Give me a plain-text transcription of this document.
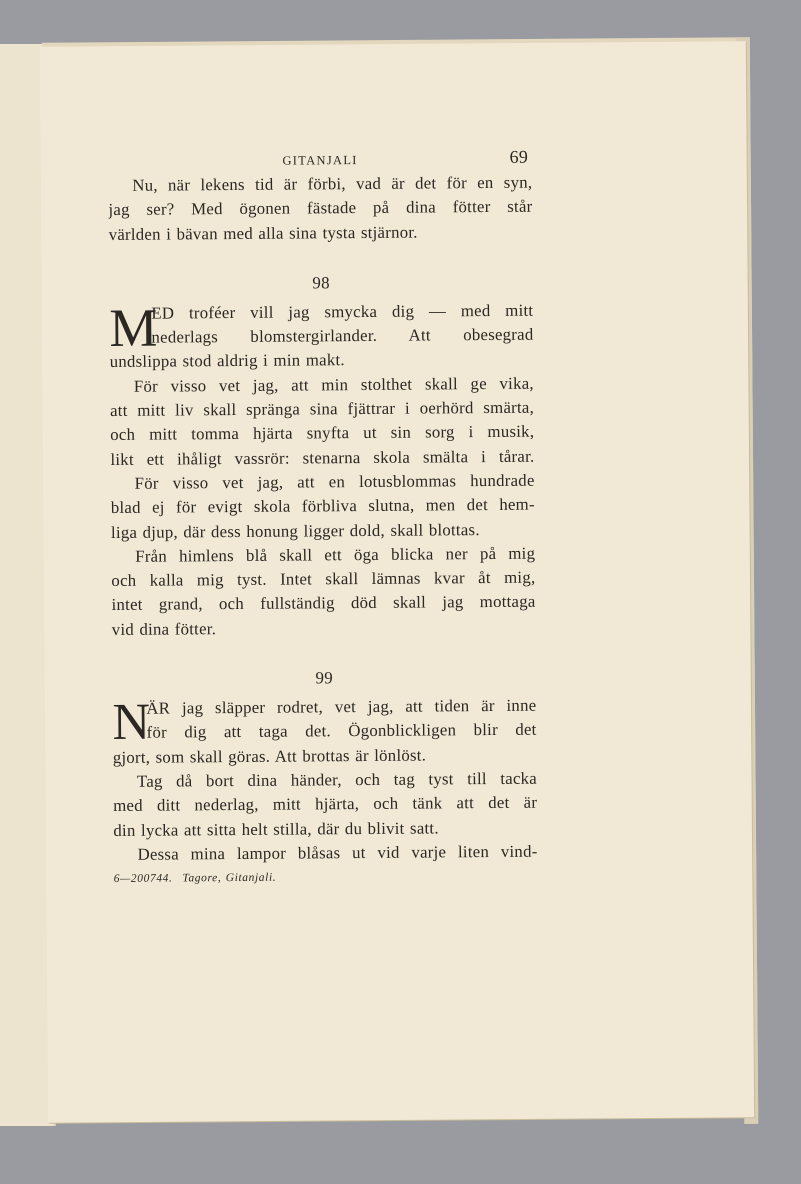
GITANJALI	69
Nu, när lekens tid är förbi, vad är det för en syn,
jag ser? Med ögonen fästade på dina fötter står
världen i bävan med alla sina tysta stjärnor.
98
M
ED troféer vill jag smycka dig — med mitt
nederlags blomstergirlander. Att obesegrad
undslippa stod aldrig i min makt.
För visso vet jag, att min stolthet skall ge vika,
att mitt liv skall spränga sina fjättrar i oerhörd smärta,
och mitt tomma hjärta snyfta ut sin sorg i musik,
likt ett ihåligt vassrör: stenarna skola smälta i tårar.
För visso vet jag, att en lotusblommas hundrade
blad ej för evigt skola förbliva slutna, men det hem-
liga djup, där dess honung ligger dold, skall blottas.
Från himlens blå skall ett öga blicka ner på mig
och kalla mig tyst. Intet skall lämnas kvar åt mig,
intet grand, och fullständig död skall jag mottaga
vid dina fötter.
99
N
ÄR jag släpper rodret, vet jag, att tiden är inne
för dig att taga det. Ögonblickligen blir det
gjort, som skall göras. Att brottas är lönlöst.
Tag då bort dina händer, och tag tyst till tacka
med ditt nederlag, mitt hjärta, och tänk att det är
din lycka att sitta helt stilla, där du blivit satt.
Dessa mina lampor blåsas ut vid varje liten vind-
6—200744. Tagore, Gitanjali.
